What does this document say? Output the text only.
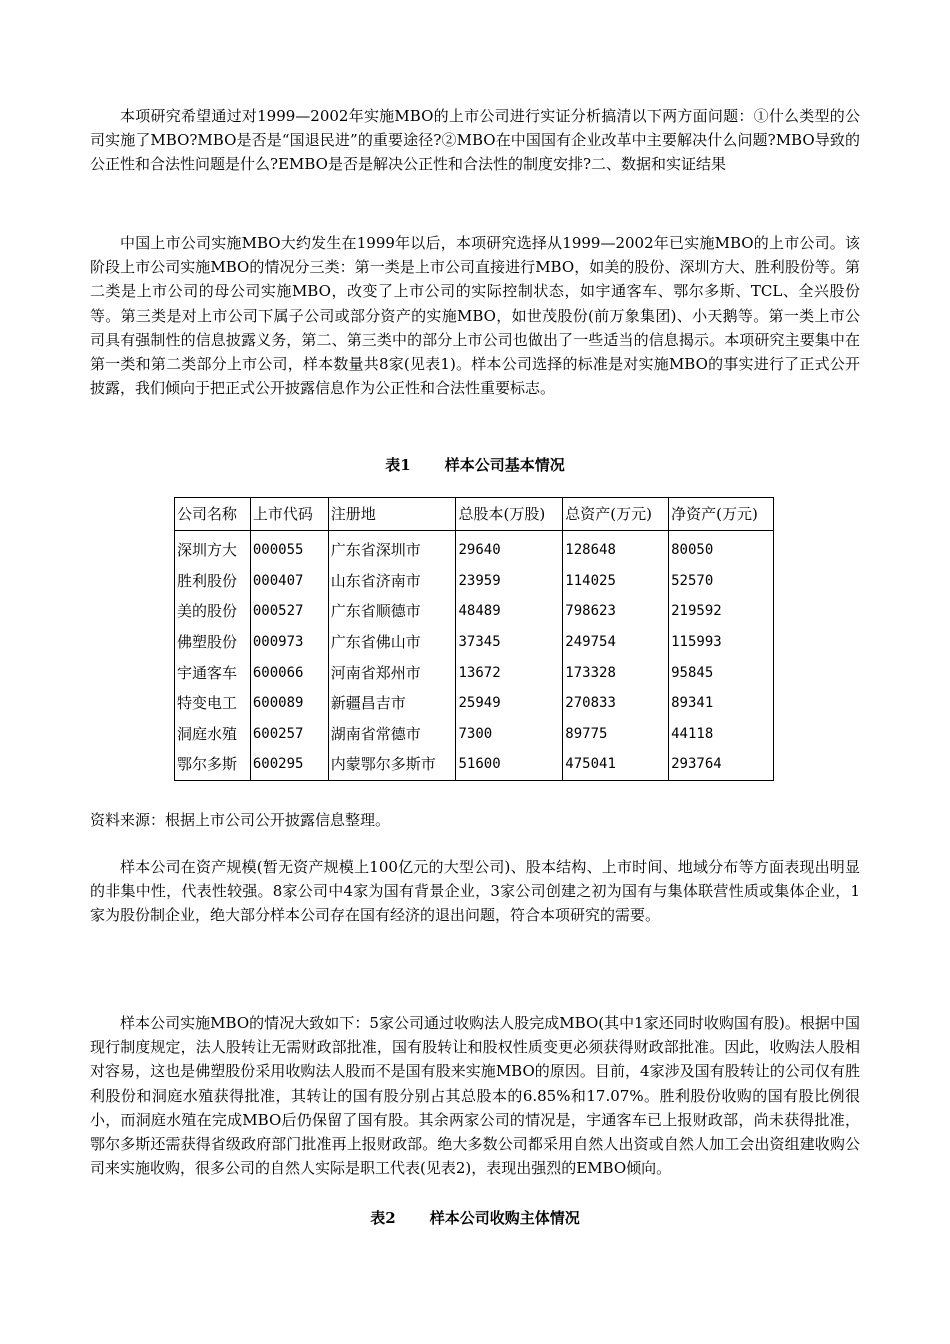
本项研究希望通过对1999—2002年实施MBO的上市公司进行实证分析搞清以下两方面问题：①什么类型的公司实施了MBO?MBO是否是“国退民进”的重要途径?②MBO在中国国有企业改革中主要解决什么问题?MBO导致的公正性和合法性问题是什么?EMBO是否是解决公正性和合法性的制度安排?二、数据和实证结果

中国上市公司实施MBO大约发生在1999年以后，本项研究选择从1999—2002年已实施MBO的上市公司。该阶段上市公司实施MBO的情况分三类：第一类是上市公司直接进行MBO，如美的股份、深圳方大、胜利股份等。第二类是上市公司的母公司实施MBO，改变了上市公司的实际控制状态，如宇通客车、鄂尔多斯、TCL、全兴股份等。第三类是对上市公司下属子公司或部分资产的实施MBO，如世茂股份(前万象集团)、小天鹅等。第一类上市公司具有强制性的信息披露义务，第二、第三类中的部分上市公司也做出了一些适当的信息揭示。本项研究主要集中在第一类和第二类部分上市公司，样本数量共8家(见表1)。样本公司选择的标准是对实施MBO的事实进行了正式公开披露，我们倾向于把正式公开披露信息作为公正性和合法性重要标志。

表1 样本公司基本情况

公司名称	上市代码	注册地	总股本(万股)	总资产(万元)	净资产(万元)
深圳方大	000055	广东省深圳市	29640	128648	80050
胜利股份	000407	山东省济南市	23959	114025	52570
美的股份	000527	广东省顺德市	48489	798623	219592
佛塑股份	000973	广东省佛山市	37345	249754	115993
宇通客车	600066	河南省郑州市	13672	173328	95845
特变电工	600089	新疆昌吉市	25949	270833	89341
洞庭水殖	600257	湖南省常德市	7300	89775	44118
鄂尔多斯	600295	内蒙鄂尔多斯市	51600	475041	293764

资料来源：根据上市公司公开披露信息整理。

样本公司在资产规模(暂无资产规模上100亿元的大型公司)、股本结构、上市时间、地域分布等方面表现出明显的非集中性，代表性较强。8家公司中4家为国有背景企业，3家公司创建之初为国有与集体联营性质或集体企业，1家为股份制企业，绝大部分样本公司存在国有经济的退出问题，符合本项研究的需要。

样本公司实施MBO的情况大致如下：5家公司通过收购法人股完成MBO(其中1家还同时收购国有股)。根据中国现行制度规定，法人股转让无需财政部批准，国有股转让和股权性质变更必须获得财政部批准。因此，收购法人股相对容易，这也是佛塑股份采用收购法人股而不是国有股来实施MBO的原因。目前，4家涉及国有股转让的公司仅有胜利股份和洞庭水殖获得批准，其转让的国有股分别占其总股本的6.85%和17.07%。胜利股份收购的国有股比例很小，而洞庭水殖在完成MBO后仍保留了国有股。其余两家公司的情况是，宇通客车已上报财政部，尚未获得批准，鄂尔多斯还需获得省级政府部门批准再上报财政部。绝大多数公司都采用自然人出资或自然人加工会出资组建收购公司来实施收购，很多公司的自然人实际是职工代表(见表2)，表现出强烈的EMBO倾向。

表2 样本公司收购主体情况
